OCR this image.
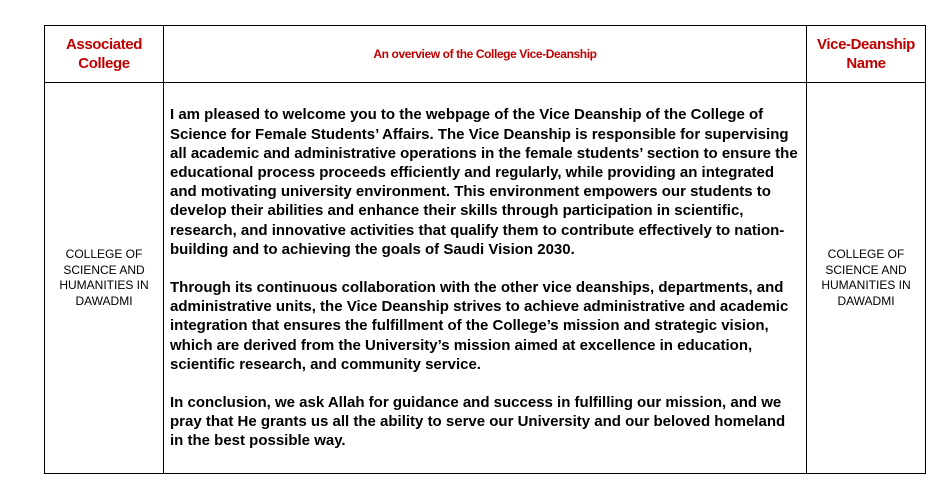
Associated College	An overview of the College Vice-Deanship	Vice-Deanship Name

COLLEGE OF SCIENCE AND HUMANITIES IN DAWADMI	I am pleased to welcome you to the webpage of the Vice Deanship of the College of Science for Female Students’ Affairs. The Vice Deanship is responsible for supervising all academic and administrative operations in the female students’ section to ensure the educational process proceeds efficiently and regularly, while providing an integrated and motivating university environment. This environment empowers our students to develop their abilities and enhance their skills through participation in scientific, research, and innovative activities that qualify them to contribute effectively to nation-building and to achieving the goals of Saudi Vision 2030.

Through its continuous collaboration with the other vice deanships, departments, and administrative units, the Vice Deanship strives to achieve administrative and academic integration that ensures the fulfillment of the College’s mission and strategic vision, which are derived from the University’s mission aimed at excellence in education, scientific research, and community service.

In conclusion, we ask Allah for guidance and success in fulfilling our mission, and we pray that He grants us all the ability to serve our University and our beloved homeland in the best possible way.	COLLEGE OF SCIENCE AND HUMANITIES IN DAWADMI
